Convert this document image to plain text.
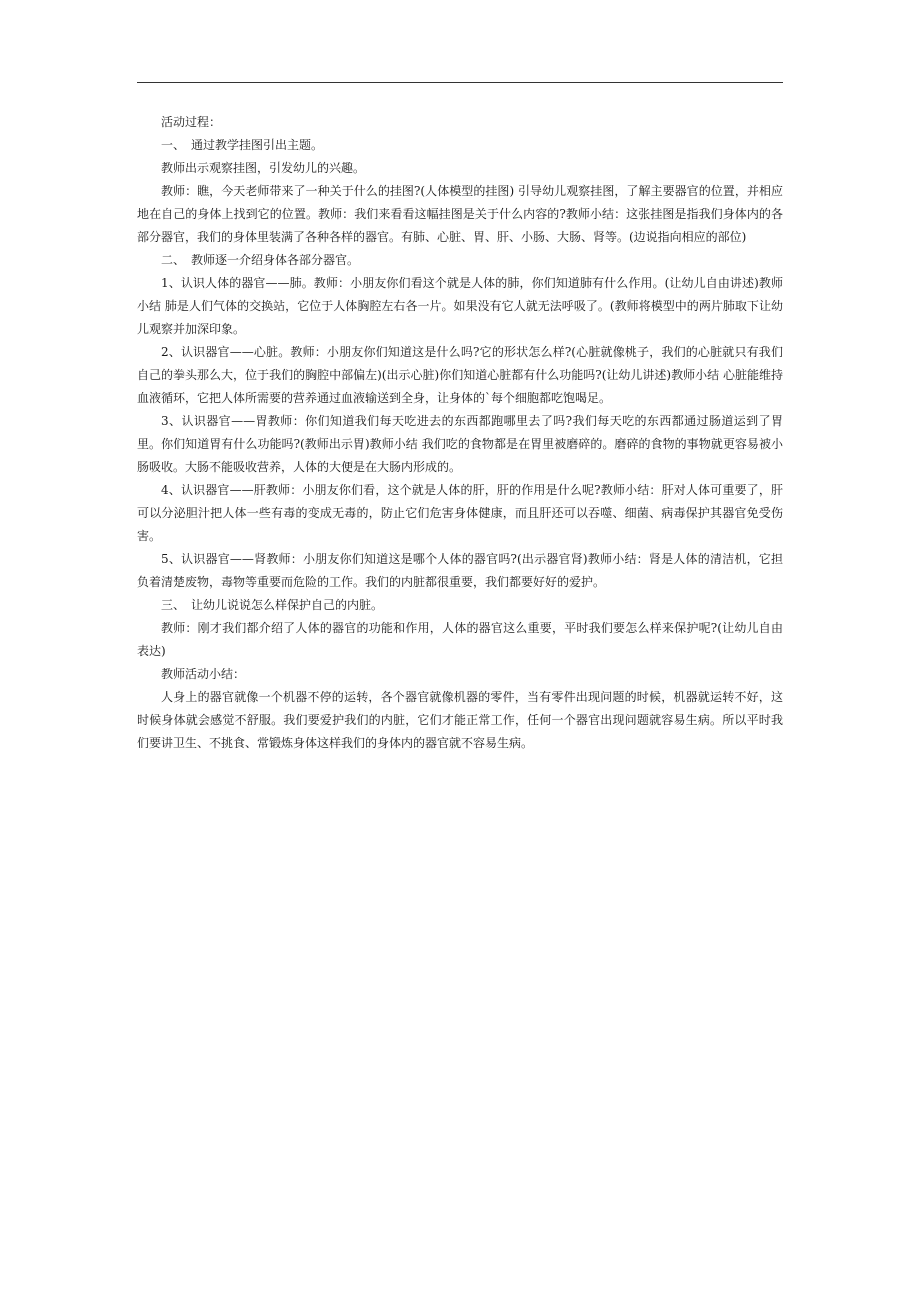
活动过程：

一、　通过教学挂图引出主题。

教师出示观察挂图，引发幼儿的兴趣。

教师：瞧，今天老师带来了一种关于什么的挂图?(人体模型的挂图) 引导幼儿观察挂图，了解主要器官的位置，并相应地在自己的身体上找到它的位置。教师：我们来看看这幅挂图是关于什么内容的?教师小结：这张挂图是指我们身体内的各部分器官，我们的身体里装满了各种各样的器官。有肺、心脏、胃、肝、小肠、大肠、肾等。(边说指向相应的部位)

二、　教师逐一介绍身体各部分器官。

1、认识人体的器官——肺。教师：小朋友你们看这个就是人体的肺，你们知道肺有什么作用。(让幼儿自由讲述)教师小结 肺是人们气体的交换站，它位于人体胸腔左右各一片。如果没有它人就无法呼吸了。(教师将模型中的两片肺取下让幼儿观察并加深印象。

2、认识器官——心脏。教师：小朋友你们知道这是什么吗?它的形状怎么样?(心脏就像桃子，我们的心脏就只有我们自己的拳头那么大，位于我们的胸腔中部偏左)(出示心脏)你们知道心脏都有什么功能吗?(让幼儿讲述)教师小结 心脏能维持血液循环，它把人体所需要的营养通过血液输送到全身，让身体的`每个细胞都吃饱喝足。

3、认识器官——胃教师：你们知道我们每天吃进去的东西都跑哪里去了吗?我们每天吃的东西都通过肠道运到了胃里。你们知道胃有什么功能吗?(教师出示胃)教师小结 我们吃的食物都是在胃里被磨碎的。磨碎的食物的事物就更容易被小肠吸收。大肠不能吸收营养，人体的大便是在大肠内形成的。

4、认识器官——肝教师：小朋友你们看，这个就是人体的肝，肝的作用是什么呢?教师小结：肝对人体可重要了，肝可以分泌胆汁把人体一些有毒的变成无毒的，防止它们危害身体健康，而且肝还可以吞噬、细菌、病毒保护其器官免受伤害。

5、认识器官——肾教师：小朋友你们知道这是哪个人体的器官吗?(出示器官肾)教师小结：肾是人体的清洁机，它担负着清楚废物，毒物等重要而危险的工作。我们的内脏都很重要，我们都要好好的爱护。

三、　让幼儿说说怎么样保护自己的内脏。

教师：刚才我们都介绍了人体的器官的功能和作用，人体的器官这么重要，平时我们要怎么样来保护呢?(让幼儿自由表达)

教师活动小结：

人身上的器官就像一个机器不停的运转，各个器官就像机器的零件，当有零件出现问题的时候，机器就运转不好，这时候身体就会感觉不舒服。我们要爱护我们的内脏，它们才能正常工作，任何一个器官出现问题就容易生病。所以平时我们要讲卫生、不挑食、常锻炼身体这样我们的身体内的器官就不容易生病。
